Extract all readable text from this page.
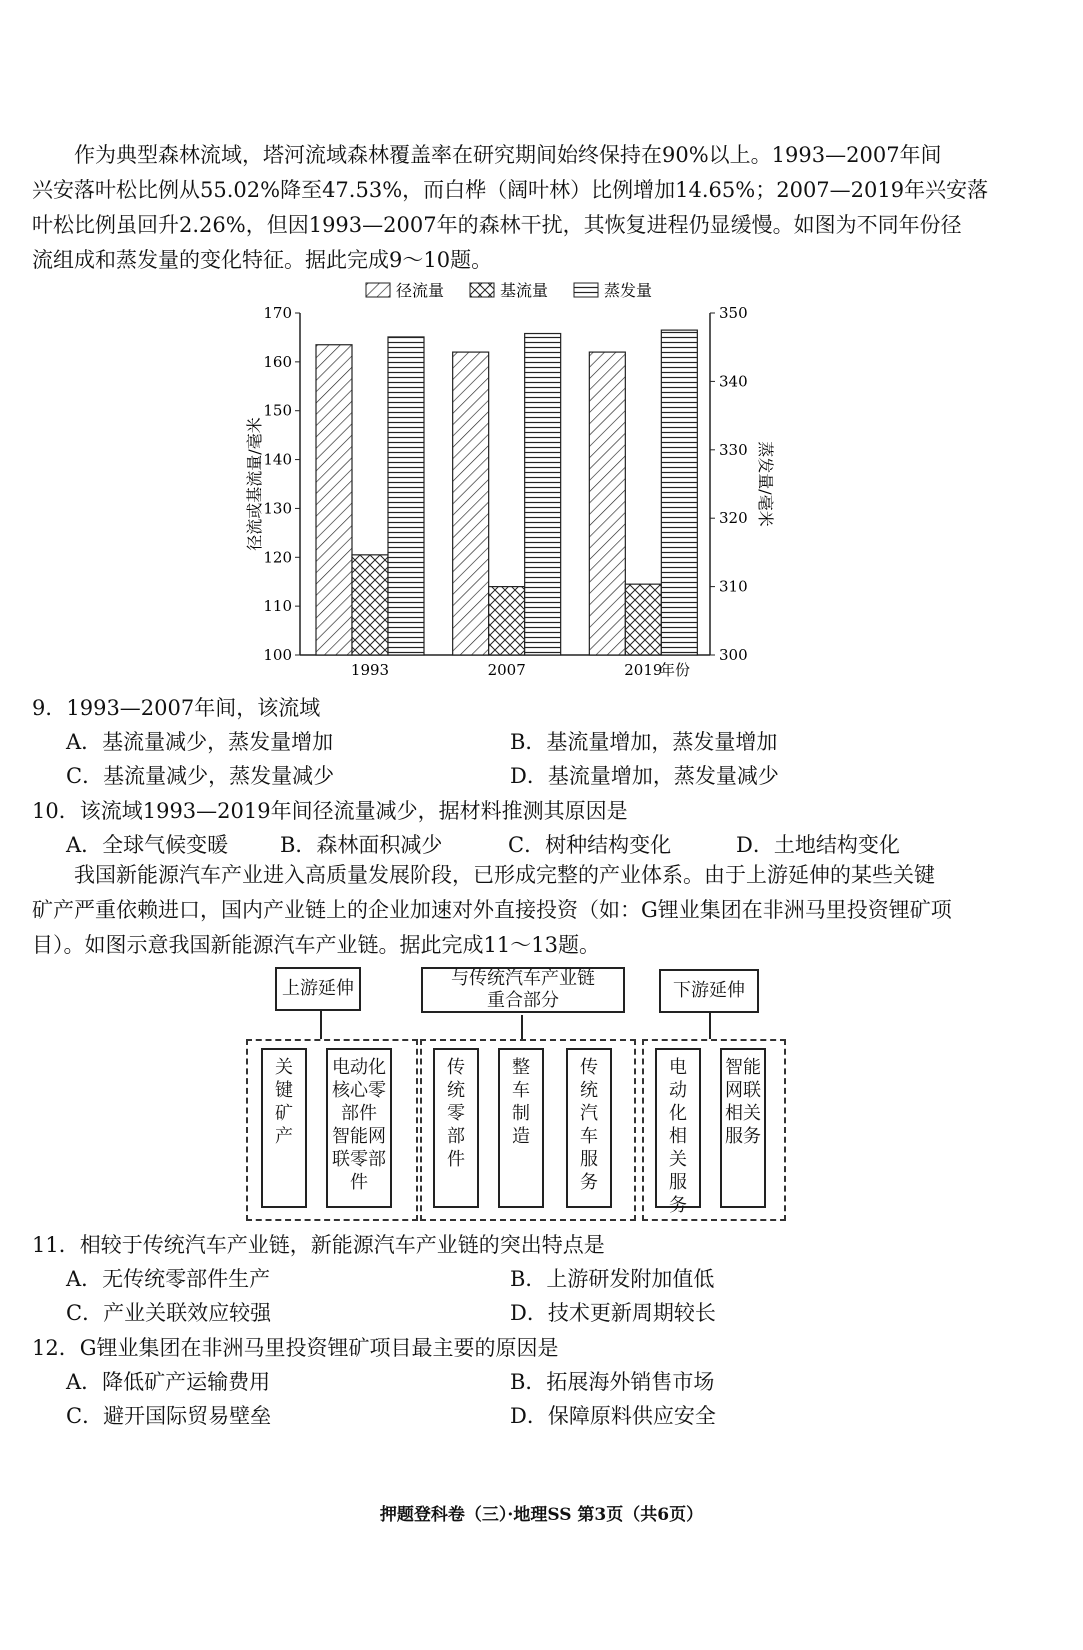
　　作为典型森林流域，塔河流域森林覆盖率在研究期间始终保持在90%以上。1993—2007年间
兴安落叶松比例从55.02%降至47.53%，而白桦（阔叶林）比例增加14.65%；2007—2019年兴安落
叶松比例虽回升2.26%，但因1993—2007年的森林干扰，其恢复进程仍显缓慢。如图为不同年份径
流组成和蒸发量的变化特征。据此完成9～10题。
径流量	基流量	蒸发量
100
110
120
130
140
150
160
170
300
310
320
330
340
350
径流或基流量/毫米	蒸发量/毫米
1993	2007	2019
年份
9．1993—2007年间，该流域
A．基流量减少，蒸发量增加	B．基流量增加，蒸发量增加
C．基流量减少，蒸发量减少	D．基流量增加，蒸发量减少
10．该流域1993—2019年间径流量减少，据材料推测其原因是
A．全球气候变暖 B．森林面积减少	C．树种结构变化	D．土地结构变化
　　我国新能源汽车产业进入高质量发展阶段，已形成完整的产业体系。由于上游延伸的某些关键
矿产严重依赖进口，国内产业链上的企业加速对外直接投资（如：G锂业集团在非洲马里投资锂矿项
目）。如图示意我国新能源汽车产业链。据此完成11～13题。
上游延伸	与传统汽车产业链重合部分	下游延伸
关键矿产
电动化核心零部件
智能网联零部件
传统零部件
整车制造
传统汽车服务
电动化相关服务
智能网联相关服务
11．相较于传统汽车产业链，新能源汽车产业链的突出特点是
A．无传统零部件生产	B．上游研发附加值低
C．产业关联效应较强	D．技术更新周期较长
12．G锂业集团在非洲马里投资锂矿项目最主要的原因是
A．降低矿产运输费用	B．拓展海外销售市场
C．避开国际贸易壁垒	D．保障原料供应安全
押题登科卷（三）·地理SS 第3页（共6页）
